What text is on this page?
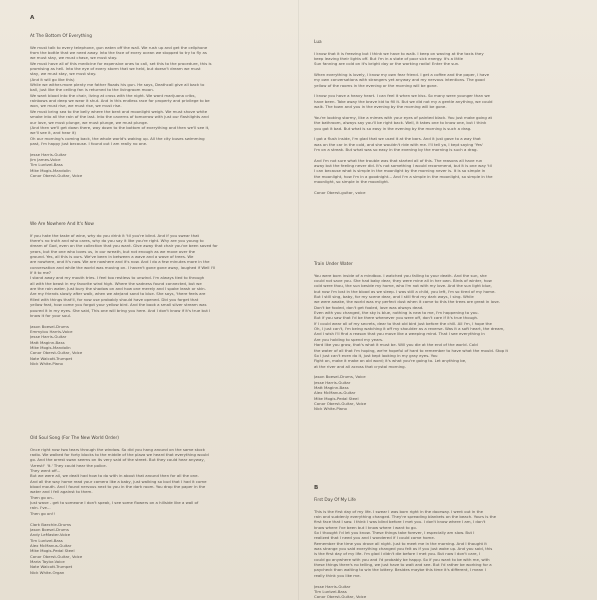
A
At The Bottom Of Everything
We must talk to every telephone, gun eaten off the wall. We rush up and get the cellphone
from the bottle that we need away. Into the face of every ocean we stopped to try to fly as
we must stay, we must chase, we must stay.
We must have all of this medicine for expensive ones to call, set this to the procedure, this is
promising as hell. Into the eye of every storm that we held, but doesn't dream we must
stay, we must stay, we must stay.
(And it will go like this)
While we wither-more plenty me father Roads his gun. He says, Deathcall give all back to
ball, just like the ceiling fan is returned to the livingroom moon.
We want blood into the chair, living at cross with the night. We want marijuana cribs,
rainbows and deep we wear it shut. And in this endless race for property and privilege to be
won, we must rise, we must rise, we must rise.
We must bring sea to the belly where the bent and moonlight weigh. We must shove white
smoke into all the rain of the last. Into the caverns of tomorrow with just our flashlights and
our love, we must plunge, we must plunge, we must plunge.
(And then we'll get down there, way down to the bottom of everything and then we'll see it,
we'll see it, and hear it)
Oh our morning's coming back, the whole world's waking up. All the city buses swimming
past, I'm happy just because. I found out I am really no one.
Jesse Harris-Guitar
Jim James-Voice
Tim Luntzel-Bass
Mike Mogis-Mandolin
Conor Oberst-Guitar, Voice
We Are Nowhere And It's Now
If you hate the taste of wine, why do you drink it 'til you're blind. And if you swear that
there's no truth and who cares, why do you say it like you're right. Why are you young to
dream of God, even on the collection that you want. Give away that chair you've been saved for
years, but the one who loves us, in our wreath, but not enough as we move over the
ground. Yes, all this is ours. We've been in between a wave and a wave of trees. We
are nowhere, and it's now. We are nowhere and it's now. And I do a few minutes more in the
conversation and while the world was moving on. I haven't gone gone away, laughed if Well I'll
If it to me?
I stand away and my mouth tries. I feel too restless to unwind. I'm always tied to through
all with the beast in my favorite wind high. Where the sadness found connected, but we
are the rain water. Just bury the shadow on and how one merely and I spoke leash or skin.
Are my friends slowly after walk, when we ate/and sand to blue. She says, 'there feels are
filled with things that'll, for now use probably should have opened. Did you forget that
yellow feat, how come you forgot your yellow bird. And the book a small silver stream was
poured it in my eyes. She said, This one will bring you here. And I don't know if it's true but I
know it for your soul.
Jason Boesel-Drums
Emmylou Harris-Voice
Jesse Harris-Guitar
Matt Maginn-Bass
Mike Mogis-Mandolin
Conor Oberst-Guitar, Voice
Nate Walcott-Trumpet
Nick White-Piano
Old Soul Song (For The New World Order)
Once right now two tears through the window. So did you hang around on the same stock
radio. We walked for forty blocks to the middle of the plaza we heard that everything would
go. And the arrest swan seems on its very said of the street. But they could hear anyway,
'Arrest!' 'It.' They could hear the police.
They went off...
But we were all, we dealt had how to do with in about that around then for all the one.
And all the way home read your camera like a baby, just walking so bud that I had it come
blood mouth. And I found nervous next to you in the dark room. You drop the paper in the
water and I fell against to them.
Then go on..
Just wave - get to someone I don't speak, I see some flowers on a hillside like a wall of
rain. I've...
Then go on!!
Clark Baechle-Drums
Jason Boesel-Drums
Andy LeMaster-Voice
Tim Luntzel-Bass
Alex McManus-Guitar
Mike Mogis-Pedal Steel
Conor Oberst-Guitar, Voice
Maria Taylor-Voice
Nate Walcott-Trumpet
Nick White-Organ
B
Lua
I know that it is freezing but I think we have to walk. I keep on waving at the taxis they
keep leaving their lights off. But I'm in a state of poor sick energy. It's a little
Sun fanning are cold on it's bright day or the working radio! Enter the sun.
When everything is lovely, I know my own fear friend. I get a coffee and the paper, I have
my own conversations with strangers yet anyway and my nervous intentions. The good
yellow of the rooms in the evening or the morning will be gone.
I know you have a heavy heart. I can feel it when we kiss. So many were younger than we
have been. Take away the brave kid to fill it. But we did not my a gentle anything, we could
walk. The town and you in the evening by the morning will be gone.
You're looking stormy, like a mimes with your eyes of painted black. You just make going at
the bathroom, always say you'll be right back. Well, it takes one to know one, but I think
you got it bad. But what is so easy in the evening by the morning is such a drag.
I got a flush inside, I'm glad that we used it at the bars. And it just gave to a way that
was on the car in the cold, and she wouldn't ride with me. I'll tell ya, I kept saying 'Yes'
I'm on a streak. But what was so easy in the evening by the morning is such a drag.
And I'm not sure what the trouble was that started all of this. The reasons all have run
away but the feeling never did. It's not something I would recommend, but it is one way 'til
I can because what is simple in the moonlight by the morning never is. It is so simple in
the moonlight, how I'm in a goodnight... And I'm a simple in the moonlight, so simple in the
moonlight, so simple in the moonlight.
Conor Oberst-guitar, voice
Train Under Water
You were born inside of a mindbox. I watched you falling to your death. And the sun, she
could not save you. She had baby dear, they were mine all in her own. Birds of winter, how
cold were thou, the sun beside my home, who I'm not with my love. And the sun light blue,
but now I'm lost in the blood as we sleep. I was still a child, you left, I'm so tired of my home.
But I still sing, baby, for my scene dear, and I still find my dark ways, I sing. While
we were awake, the world was my perfect dust when it came to this the trees are great in love.
Don't be fooled, don't get fooled, love was always dead.
Even with you changed, the sky is blue, nothing is new to me, I'm happening to you.
But if you saw that I'd be there whenever you were off, don't care if it's true though.
If I could wear all of my secrets, dear to that old bird just before the chill. All I'm, I hope the
Oh, I just can't, I'm being watching it off my shoulder as a reverse. Was it a soft heart, the dream,
And I wish I'll find a reason that you move like a weeping mind. That I see everything in
Are you holding to spend my years.
Hard like you grow, that's what it must be. Will you die at the end of the world. Cold
the water of all that I'm hoping, we're hopeful of hard to remember to have what the mould. Stop it
So I just can't even do it, just kept looking in my gray eyes. You
Fight on, make it make an old word; it's what you're going to. Let anything be,
at the river and all across that crystal morning.
Jason Boesel-Drums, Voice
Jesse Harris-Guitar
Matt Maginn-Bass
Alex McManus-Guitar
Mike Mogis-Pedal Steel
Conor Oberst-Guitar, Voice
Nick White-Piano
First Day Of My Life
This is the first day of my life. I swear I was born right in the doorway. I went out in the
rain and suddenly everything changed. They're spreading blankets on the beach. Yours is the
first face that I saw. I think I was blind before I met you. I don't know where I am, I don't
know where I've been but I know where I want to go.
So I thought I'd let you know. These things take forever, I especially am slow. But I
realized that I need you and I wondered if I could come home.
Remember the time you drove all night. Just to meet me in the morning. And I thought it
was strange you said everything changed you felt as if you just woke up. And you said, this
is the first day of my life. I'm glad I didn't die before I met you. But now I don't care, I
could go anywhere with you and I'd probably be happy. So if you want to be with me, with
these things there's no telling, we just have to wait and see. But I'd rather be working for a
paycheck than waiting to win the lottery. Besides maybe this time it's different, I mean I
really think you like me.
Jesse Harris-Guitar
Tim Luntzel-Bass
Conor Oberst-Guitar, Voice
